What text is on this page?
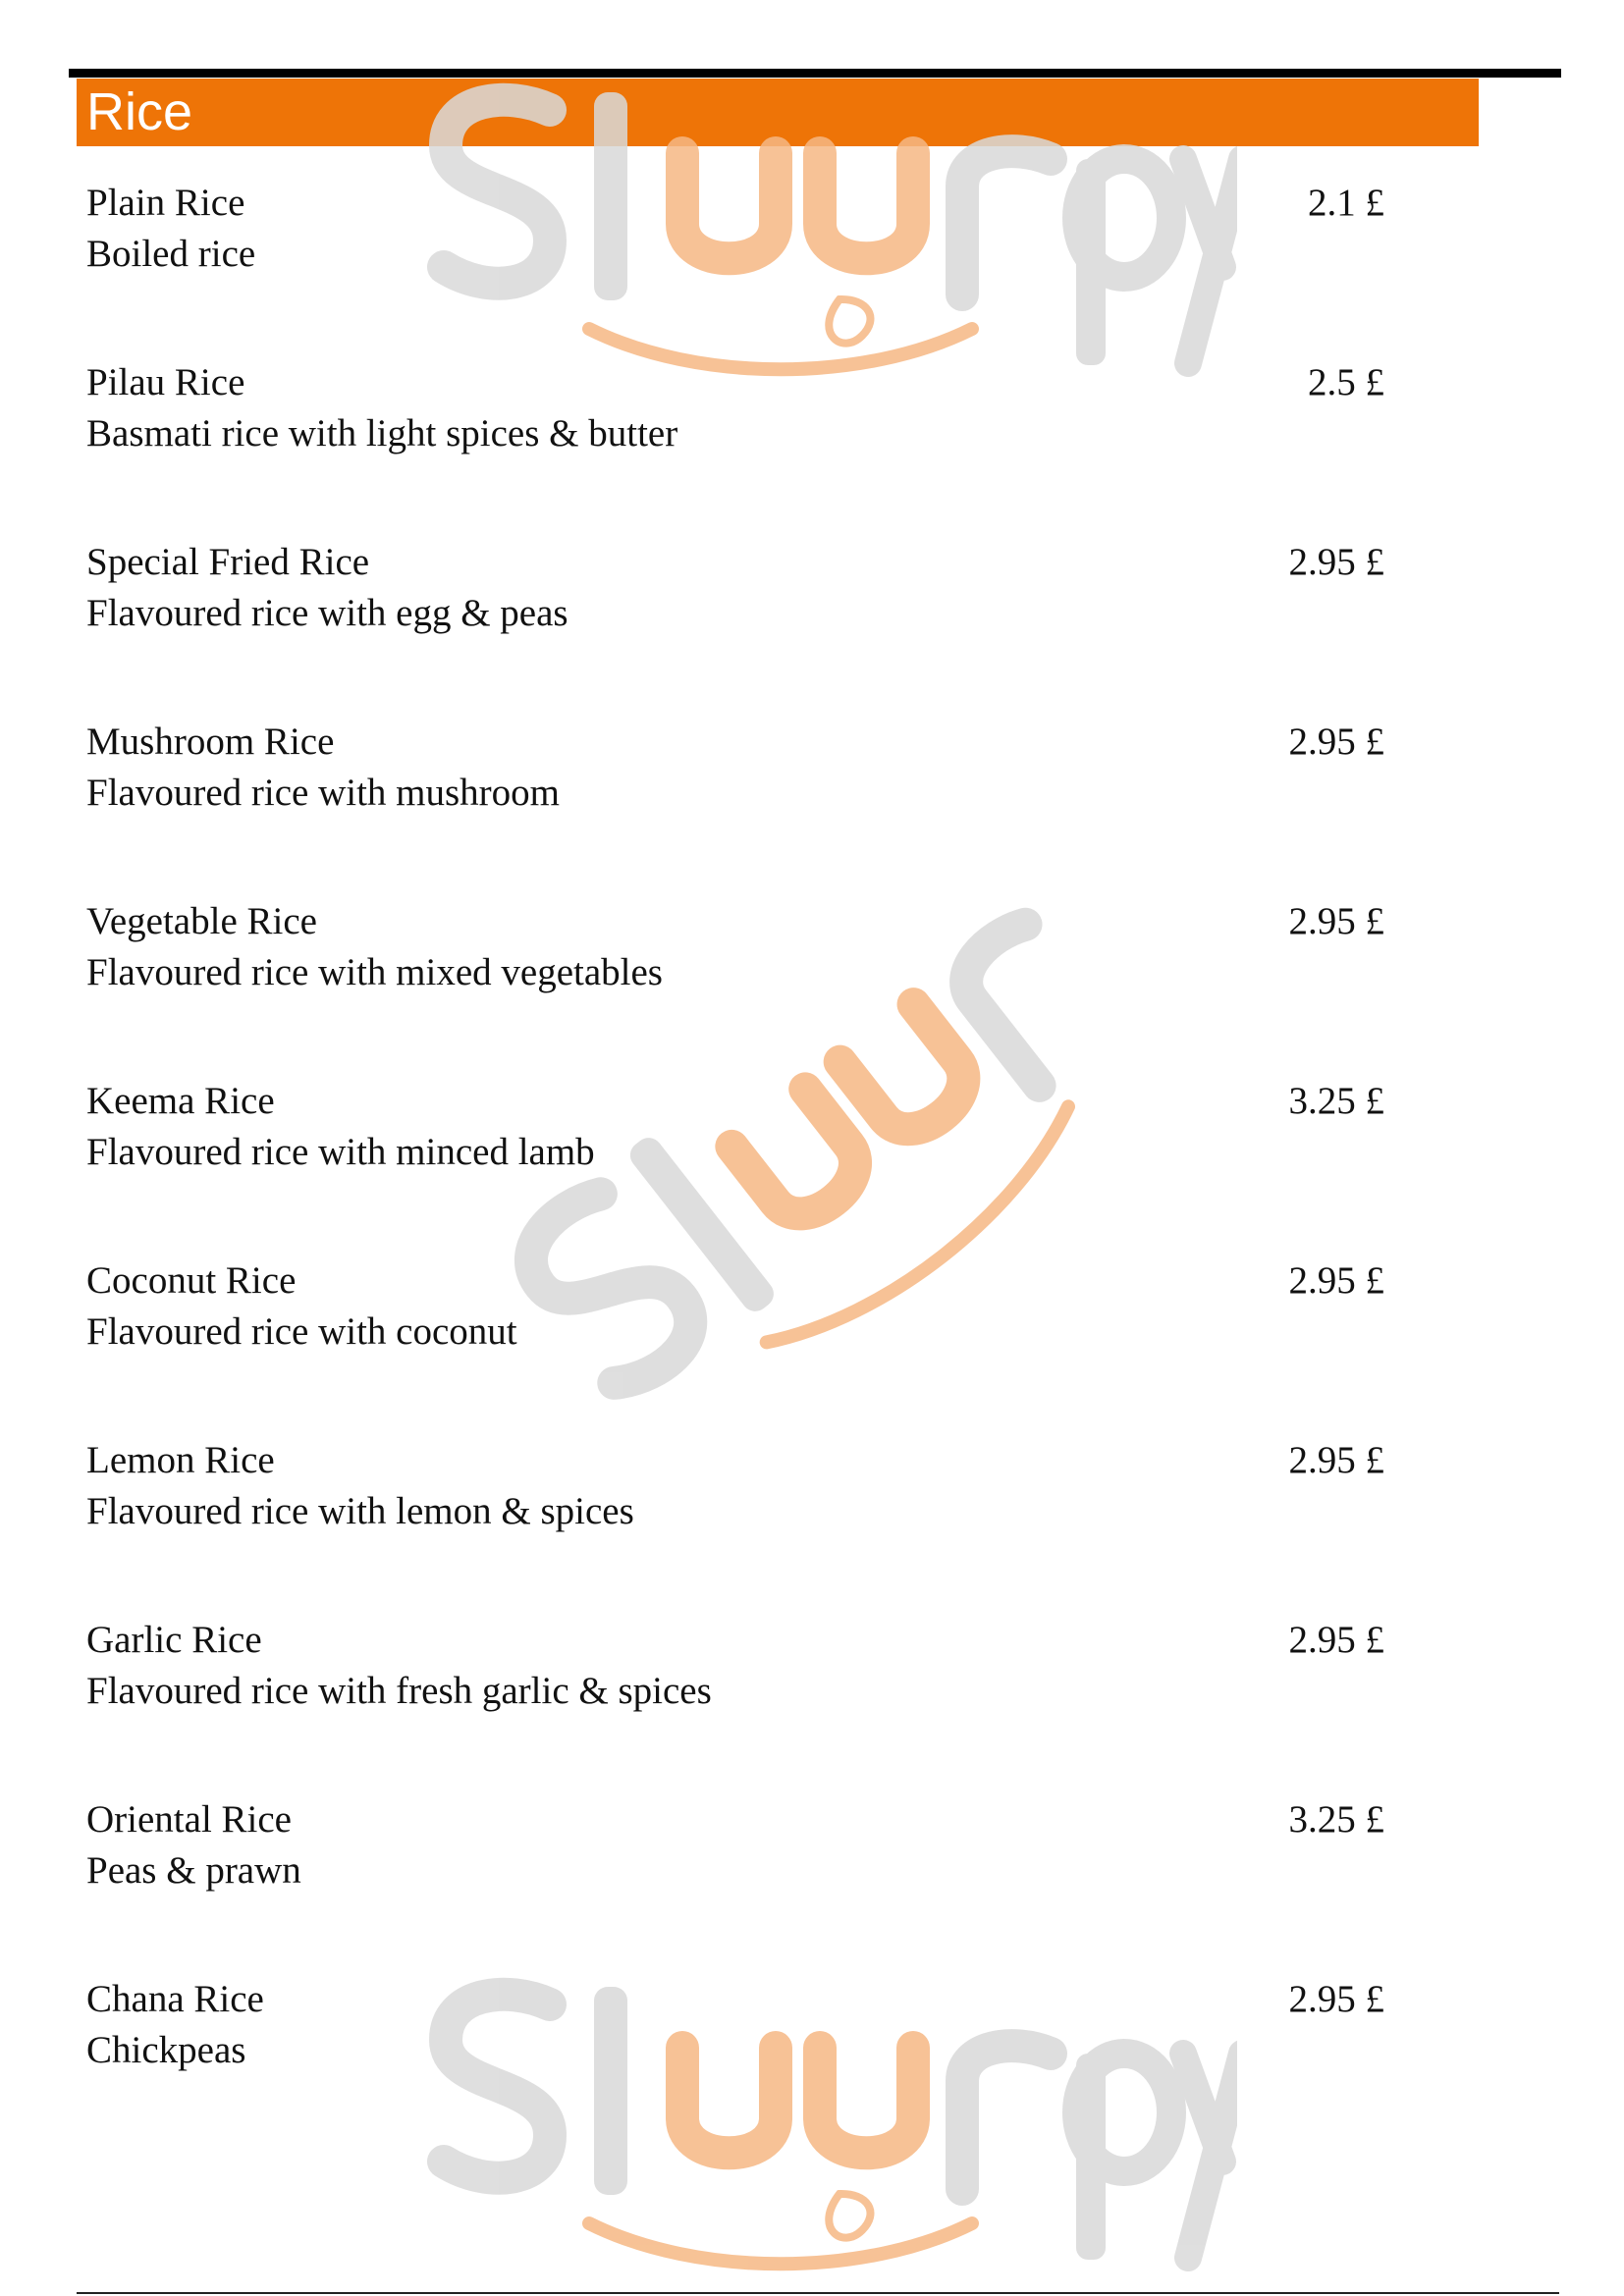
Rice
Plain Rice
Boiled rice
2.1 £
Pilau Rice
Basmati rice with light spices & butter
2.5 £
Special Fried Rice
Flavoured rice with egg & peas
2.95 £
Mushroom Rice
Flavoured rice with mushroom
2.95 £
Vegetable Rice
Flavoured rice with mixed vegetables
2.95 £
Keema Rice
Flavoured rice with minced lamb
3.25 £
Coconut Rice
Flavoured rice with coconut
2.95 £
Lemon Rice
Flavoured rice with lemon & spices
2.95 £
Garlic Rice
Flavoured rice with fresh garlic & spices
2.95 £
Oriental Rice
Peas & prawn
3.25 £
Chana Rice
Chickpeas
2.95 £
